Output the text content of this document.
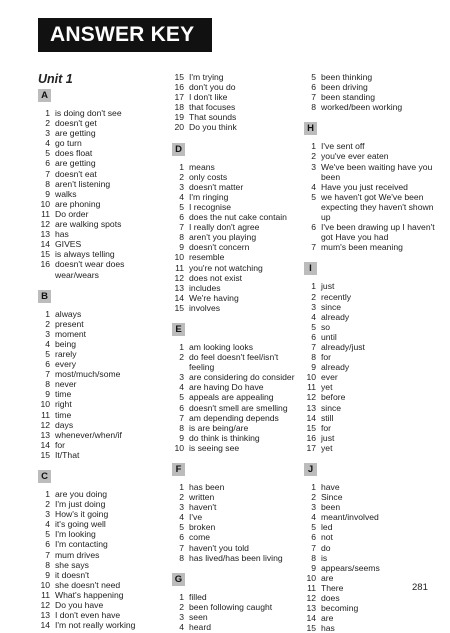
ANSWER KEY
Unit 1
A
1 is doing don't see
2 doesn't get
3 are getting
4 go turn
5 does float
6 are getting
7 doesn't eat
8 aren't listening
9 walks
10 are phoning
11 Do order
12 are walking spots
13 has
14 GIVES
15 is always telling
16 doesn't wear does wear/wears
B
1 always
2 present
3 moment
4 being
5 rarely
6 every
7 most/much/some
8 never
9 time
10 right
11 time
12 days
13 whenever/when/if
14 for
15 It/That
C
1 are you doing
2 I'm just doing
3 How's it going
4 it's going well
5 I'm looking
6 I'm contacting
7 mum drives
8 she says
9 it doesn't
10 she doesn't need
11 What's happening
12 Do you have
13 I don't even have
14 I'm not really working
15 I'm trying
16 don't you do
17 I don't like
18 that focuses
19 That sounds
20 Do you think
D
1 means
2 only costs
3 doesn't matter
4 I'm ringing
5 I recognise
6 does the nut cake contain
7 I really don't agree
8 aren't you playing
9 doesn't concern
10 resemble
11 you're not watching
12 does not exist
13 includes
14 We're having
15 involves
E
1 am looking looks
2 do feel doesn't feel/isn't feeling
3 are considering do consider
4 are having Do have
5 appeals are appealing
6 doesn't smell are smelling
7 am depending depends
8 is are being/are
9 do think is thinking
10 is seeing see
F
1 has been
2 written
3 haven't
4 I've
5 broken
6 come
7 haven't you told
8 has lived/has been living
G
1 filled
2 been following caught
3 seen
4 heard
5 been thinking
6 been driving
7 been standing
8 worked/been working
H
1 I've sent off
2 you've ever eaten
3 We've been waiting have you been
4 Have you just received
5 we haven't got We've been expecting they haven't shown up
6 I've been drawing up I haven't got Have you had
7 mum's been meaning
I
1 just
2 recently
3 since
4 already
5 so
6 until
7 already/just
8 for
9 already
10 ever
11 yet
12 before
13 since
14 still
15 for
16 just
17 yet
J
1 have
2 Since
3 been
4 meant/involved
5 led
6 not
7 do
8 is
9 appears/seems
10 are
11 There
12 does
13 becoming
14 are
15 has
281
